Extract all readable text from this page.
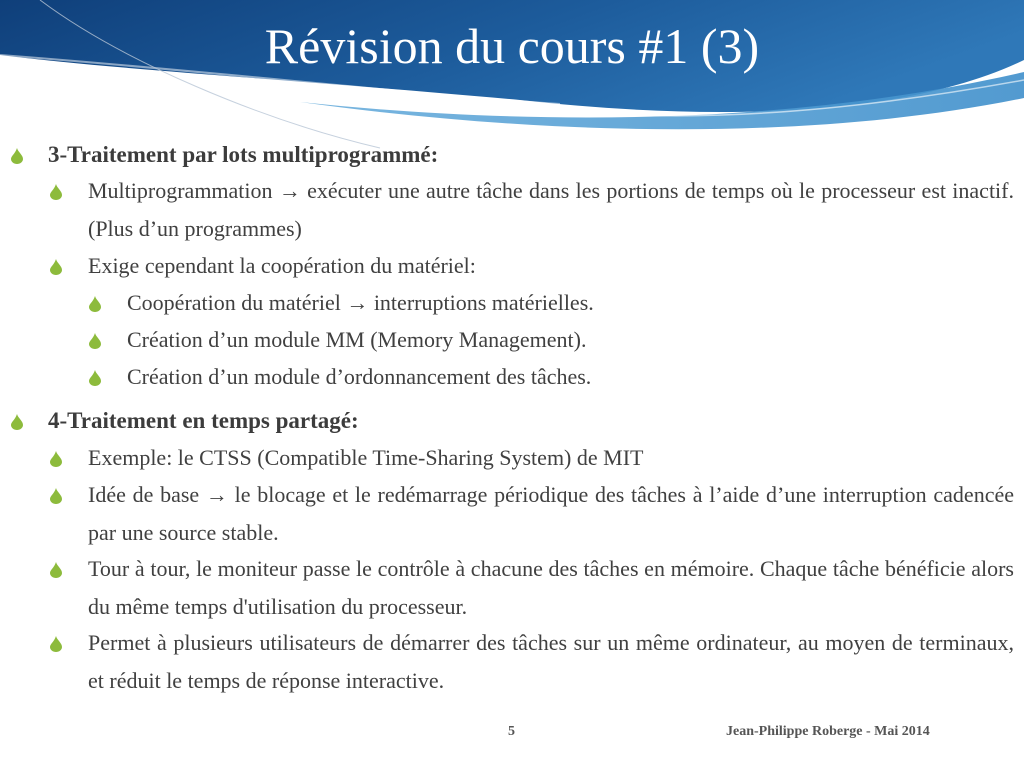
Révision du cours #1 (3)
3-Traitement par lots multiprogrammé:
Multiprogrammation → exécuter une autre tâche dans les portions de temps où le processeur est inactif. (Plus d’un programmes)
Exige cependant la coopération du matériel:
Coopération du matériel → interruptions matérielles.
Création d’un module MM (Memory Management).
Création d’un module d’ordonnancement des tâches.
4-Traitement en temps partagé:
Exemple: le CTSS (Compatible Time-Sharing System) de MIT
Idée de base → le blocage et le redémarrage périodique des tâches à l’aide d’une interruption cadencée par une source stable.
Tour à tour, le moniteur passe le contrôle à chacune des tâches en mémoire. Chaque tâche bénéficie alors du même temps d'utilisation du processeur.
Permet à plusieurs utilisateurs de démarrer des tâches sur un même ordinateur, au moyen de terminaux, et réduit le temps de réponse interactive.
5	Jean-Philippe Roberge - Mai 2014
